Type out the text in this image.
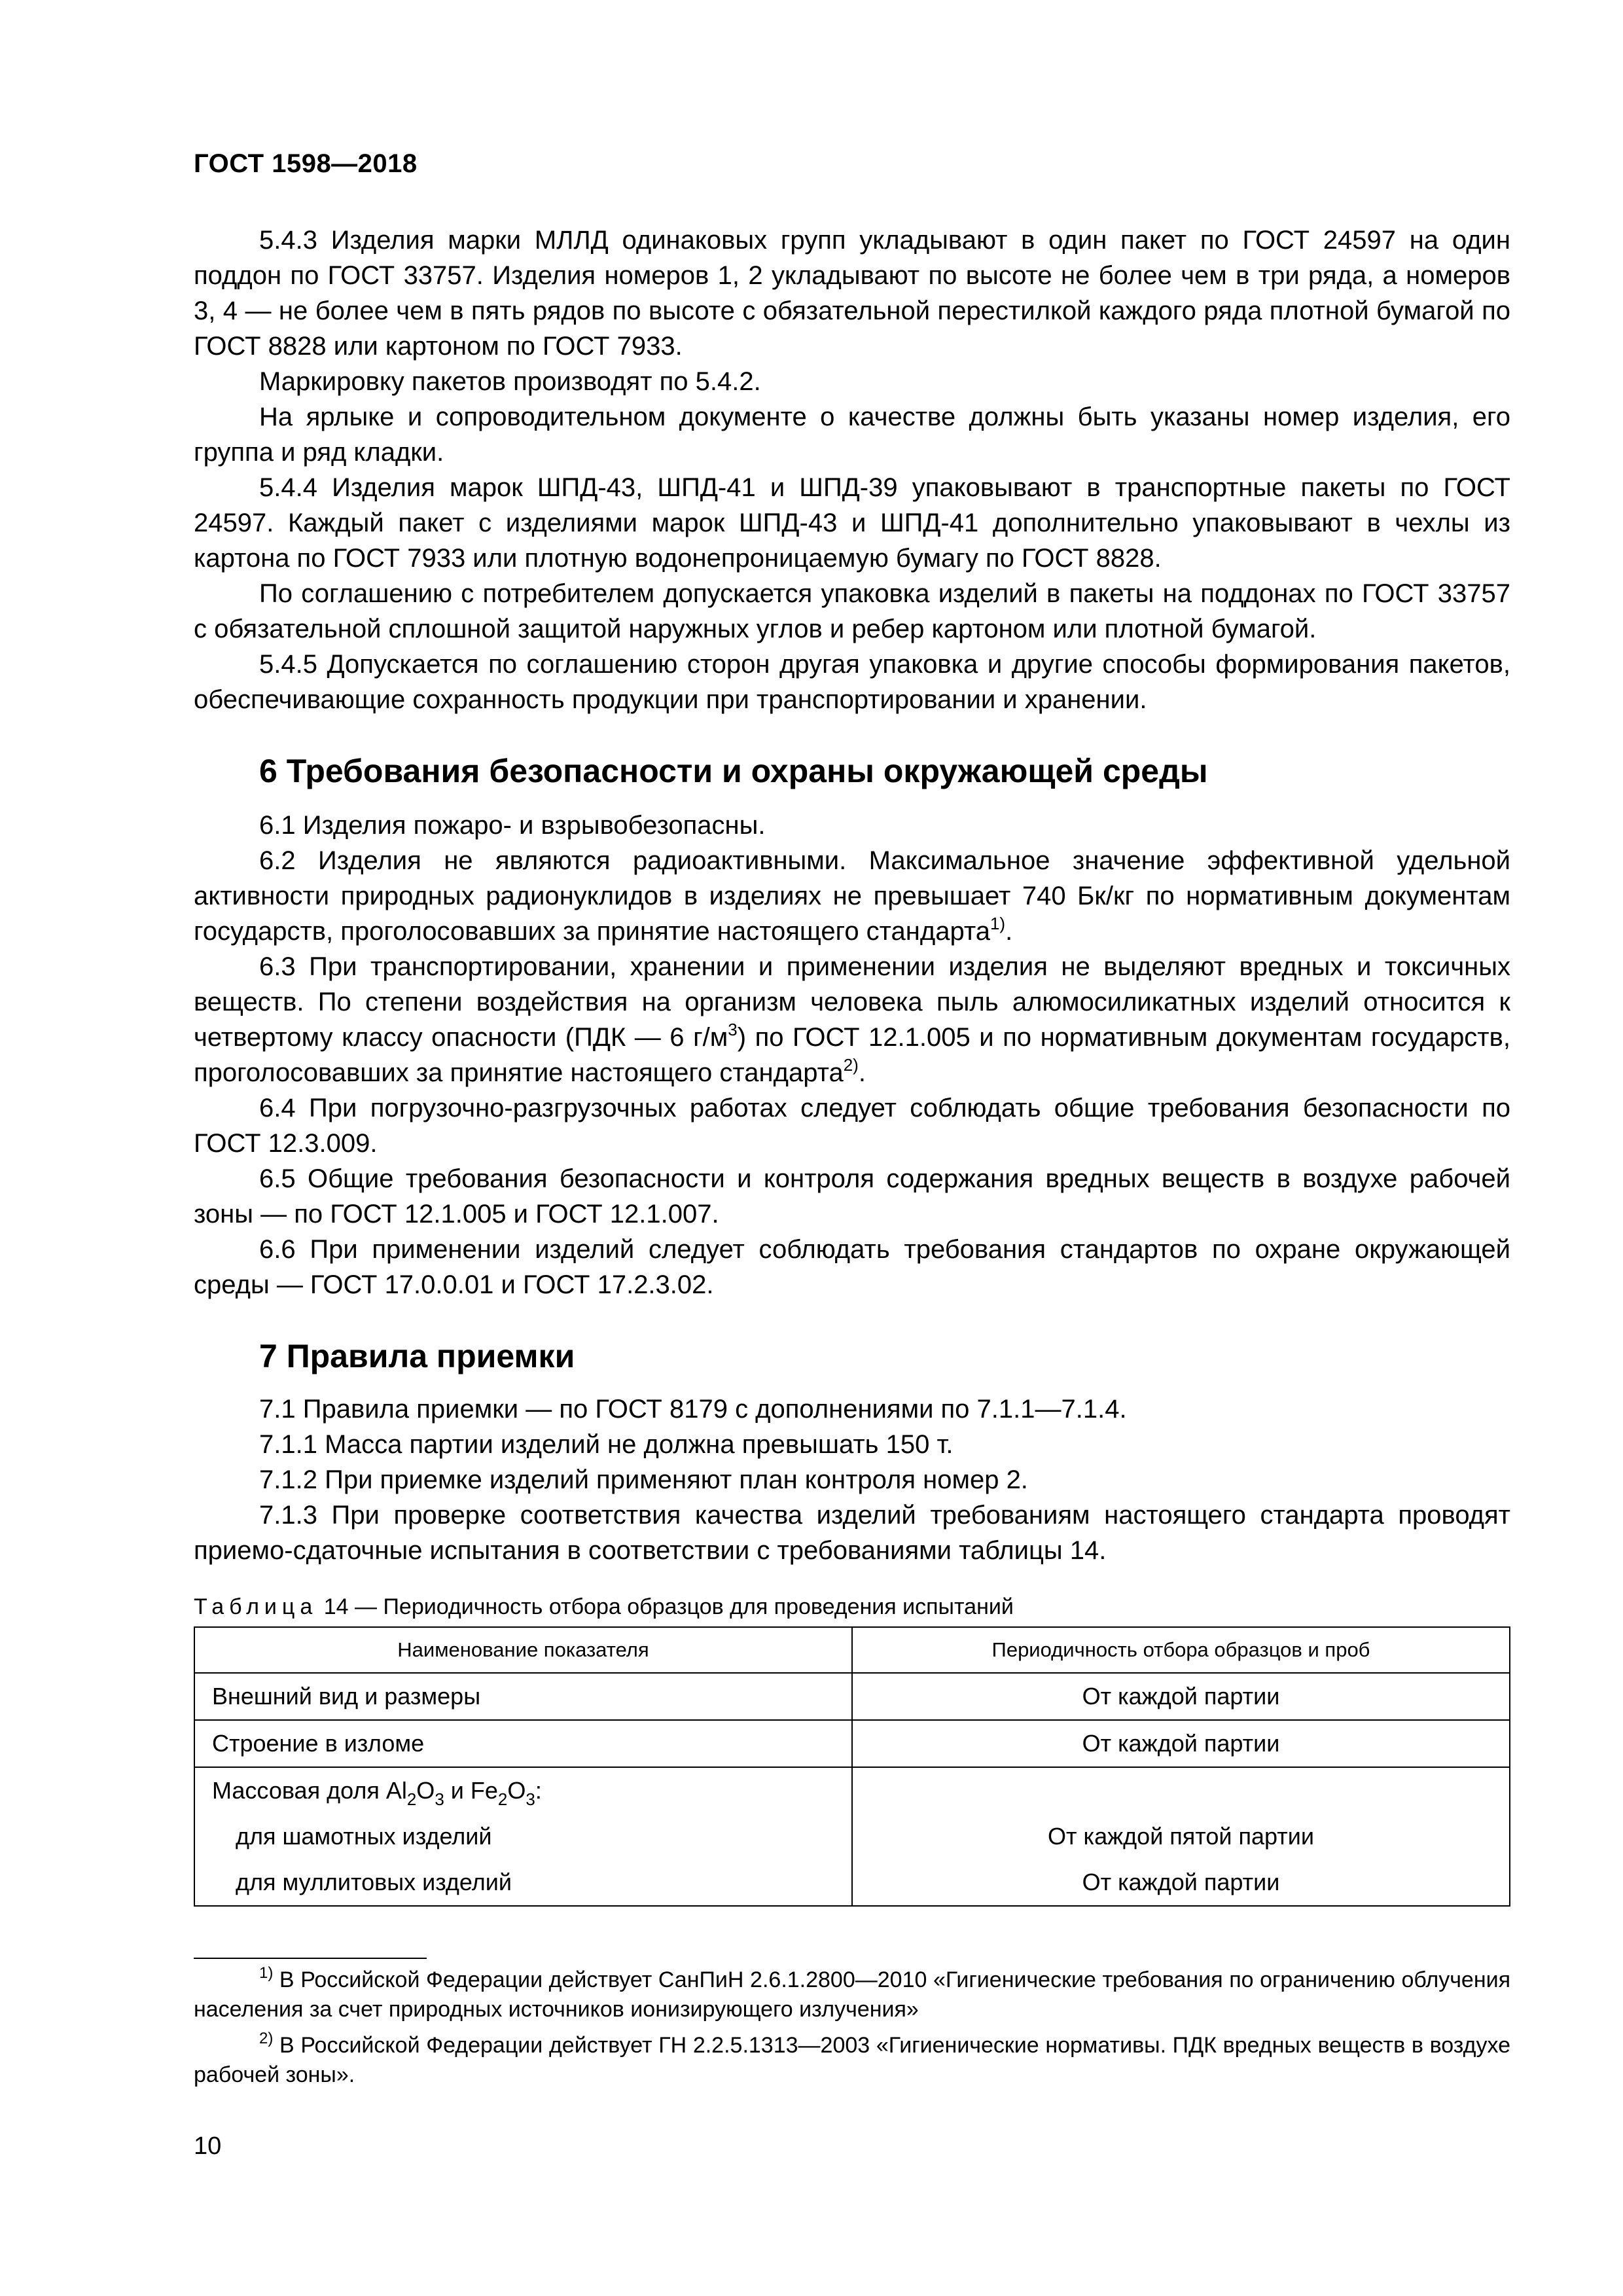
ГОСТ 1598—2018

5.4.3 Изделия марки МЛЛД одинаковых групп укладывают в один пакет по ГОСТ 24597 на один поддон по ГОСТ 33757. Изделия номеров 1, 2 укладывают по высоте не более чем в три ряда, а номеров 3, 4 — не более чем в пять рядов по высоте с обязательной перестилкой каждого ряда плотной бумагой по ГОСТ 8828 или картоном по ГОСТ 7933.

Маркировку пакетов производят по 5.4.2.

На ярлыке и сопроводительном документе о качестве должны быть указаны номер изделия, его группа и ряд кладки.

5.4.4 Изделия марок ШПД-43, ШПД-41 и ШПД-39 упаковывают в транспортные пакеты по ГОСТ 24597. Каждый пакет с изделиями марок ШПД-43 и ШПД-41 дополнительно упаковывают в чехлы из картона по ГОСТ 7933 или плотную водонепроницаемую бумагу по ГОСТ 8828.

По соглашению с потребителем допускается упаковка изделий в пакеты на поддонах по ГОСТ 33757 с обязательной сплошной защитой наружных углов и ребер картоном или плотной бумагой.

5.4.5 Допускается по соглашению сторон другая упаковка и другие способы формирования пакетов, обеспечивающие сохранность продукции при транспортировании и хранении.

6 Требования безопасности и охраны окружающей среды

6.1 Изделия пожаро- и взрывобезопасны.

6.2 Изделия не являются радиоактивными. Максимальное значение эффективной удельной активности природных радионуклидов в изделиях не превышает 740 Бк/кг по нормативным документам государств, проголосовавших за принятие настоящего стандарта$^{1)}$.

6.3 При транспортировании, хранении и применении изделия не выделяют вредных и токсичных веществ. По степени воздействия на организм человека пыль алюмосиликатных изделий относится к четвертому классу опасности (ПДК — 6 $г/м^3$) по ГОСТ 12.1.005 и по нормативным документам государств, проголосовавших за принятие настоящего стандарта$^{2)}$.

6.4 При погрузочно-разгрузочных работах следует соблюдать общие требования безопасности по ГОСТ 12.3.009.

6.5 Общие требования безопасности и контроля содержания вредных веществ в воздухе рабочей зоны — по ГОСТ 12.1.005 и ГОСТ 12.1.007.

6.6 При применении изделий следует соблюдать требования стандартов по охране окружающей среды — ГОСТ 17.0.0.01 и ГОСТ 17.2.3.02.

7 Правила приемки

7.1 Правила приемки — по ГОСТ 8179 с дополнениями по 7.1.1—7.1.4.

7.1.1 Масса партии изделий не должна превышать 150 т.

7.1.2 При приемке изделий применяют план контроля номер 2.

7.1.3 При проверке соответствия качества изделий требованиям настоящего стандарта проводят приемо-сдаточные испытания в соответствии с требованиями таблицы 14.

Таблица 14 — Периодичность отбора образцов для проведения испытаний
Наименование показателя	Периодичность отбора образцов и проб
Внешний вид и размеры	От каждой партии
Строение в изломе	От каждой партии
Массовая доля $Al_2O_3$ и $Fe_2O_3$:	
для шамотных изделий	От каждой пятой партии
для муллитовых изделий	От каждой партии

$^{1)}$ В Российской Федерации действует СанПиН 2.6.1.2800—2010 «Гигиенические требования по ограничению облучения населения за счет природных источников ионизирующего излучения»

$^{2)}$ В Российской Федерации действует ГН 2.2.5.1313—2003 «Гигиенические нормативы. ПДК вредных веществ в воздухе рабочей зоны».

10
